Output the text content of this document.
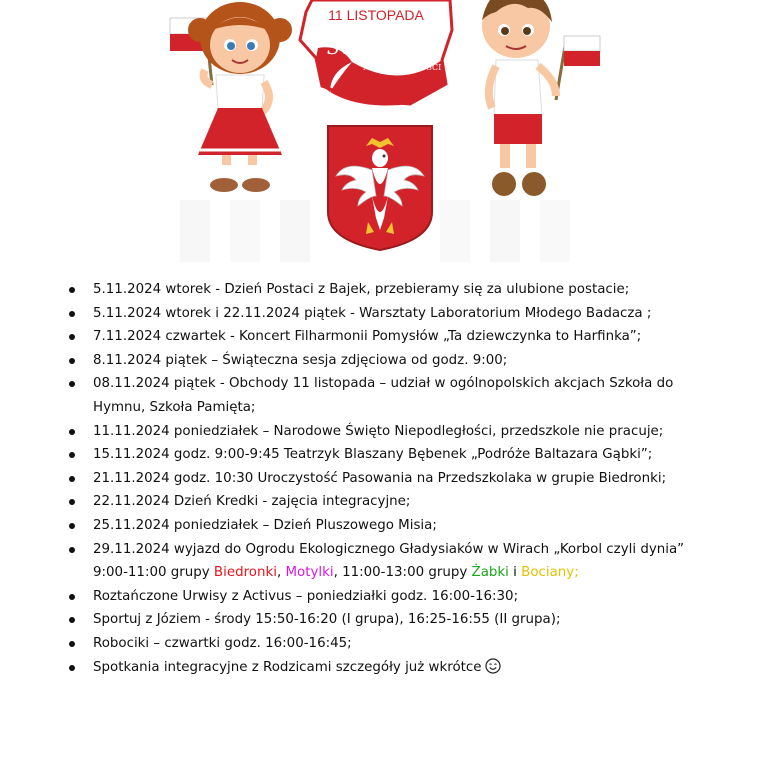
11 LISTOPADA
ŚWIĘTO
NIEPODLEGŁOŚCI
5.11.2024 wtorek - Dzień Postaci z Bajek, przebieramy się za ulubione postacie;
5.11.2024 wtorek i 22.11.2024 piątek - Warsztaty Laboratorium Młodego Badacza ;
7.11.2024 czwartek - Koncert Filharmonii Pomysłów „Ta dziewczynka to Harfinka”;
8.11.2024 piątek – Świąteczna sesja zdjęciowa od godz. 9:00;
08.11.2024 piątek - Obchody 11 listopada – udział w ogólnopolskich akcjach Szkoła do
Hymnu, Szkoła Pamięta;
11.11.2024 poniedziałek – Narodowe Święto Niepodległości, przedszkole nie pracuje;
15.11.2024 godz. 9:00-9:45 Teatrzyk Blaszany Bębenek „Podróże Baltazara Gąbki”;
21.11.2024 godz. 10:30 Uroczystość Pasowania na Przedszkolaka w grupie Biedronki;
22.11.2024 Dzień Kredki - zajęcia integracyjne;
25.11.2024 poniedziałek – Dzień Pluszowego Misia;
29.11.2024 wyjazd do Ogrodu Ekologicznego Gładysiaków w Wirach „Korbol czyli dynia”
9:00-11:00 grupy Biedronki, Motylki, 11:00-13:00 grupy Żabki i Bociany;
Roztańczone Urwisy z Activus – poniedziałki godz. 16:00-16:30;
Sportuj z Józiem - środy 15:50-16:20 (I grupa), 16:25-16:55 (II grupa);
Robociki – czwartki godz. 16:00-16:45;
Spotkania integracyjne z Rodzicami szczegóły już wkrótce
